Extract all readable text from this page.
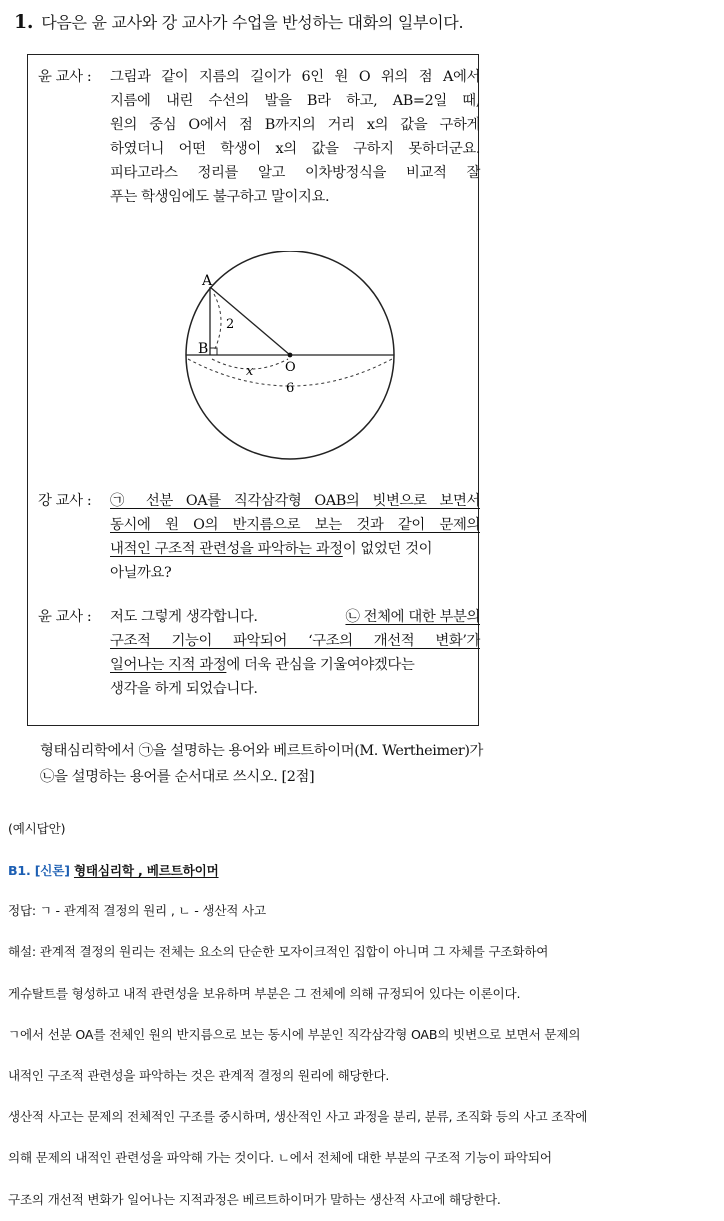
1. 다음은 윤 교사와 강 교사가 수업을 반성하는 대화의 일부이다.
윤 교사 :	그림과 같이 지름의 길이가 6인 원 O 위의 점 A에서
지름에 내린 수선의 발을 B라 하고, AB=2일 때,
원의 중심 O에서 점 B까지의 거리 x의 값을 구하게
하였더니 어떤 학생이 x의 값을 구하지 못하더군요.
피타고라스 정리를 알고 이차방정식을 비교적 잘
푸는 학생임에도 불구하고 말이지요.
A
B
O
2
x
6
강 교사 :	㉠ 선분 OA를 직각삼각형 OAB의 빗변으로 보면서
동시에 원 O의 반지름으로 보는 것과 같이 문제의
내적인 구조적 관련성을 파악하는 과정이 없었던 것이
아닐까요?
윤 교사 :	저도 그렇게 생각합니다.	㉡ 전체에 대한 부분의
구조적 기능이 파악되어 ‘구조의 개선적 변화’가
일어나는 지적 과정에 더욱 관심을 기울여야겠다는
생각을 하게 되었습니다.
형태심리학에서 ㉠을 설명하는 용어와 베르트하이머(M. Wertheimer)가
㉡을 설명하는 용어를 순서대로 쓰시오. [2점]
(예시답안)
B1. [신론] 형태심리학 , 베르트하이머
정답: ㄱ - 관계적 결정의 원리 , ㄴ - 생산적 사고
해설: 관계적 결정의 원리는 전체는 요소의 단순한 모자이크적인 집합이 아니며 그 자체를 구조화하여
게슈탈트를 형성하고 내적 관련성을 보유하며 부분은 그 전체에 의해 규정되어 있다는 이론이다.
ㄱ에서 선분 OA를 전체인 원의 반지름으로 보는 동시에 부분인 직각삼각형 OAB의 빗변으로 보면서 문제의
내적인 구조적 관련성을 파악하는 것은 관계적 결정의 원리에 해당한다.
생산적 사고는 문제의 전체적인 구조를 중시하며, 생산적인 사고 과정을 분리, 분류, 조직화 등의 사고 조작에
의해 문제의 내적인 관련성을 파악해 가는 것이다. ㄴ에서 전체에 대한 부분의 구조적 기능이 파악되어
구조의 개선적 변화가 일어나는 지적과정은 베르트하이머가 말하는 생산적 사고에 해당한다.
